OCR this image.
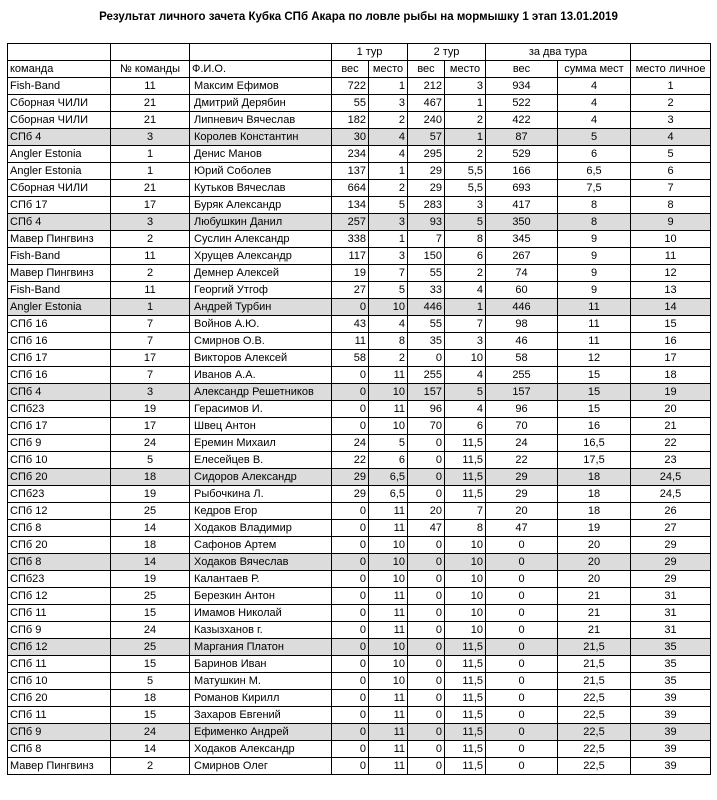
Результат личного зачета Кубка СПб Акара по ловле рыбы на мормышку 1 этап 13.01.2019
			1 тур		2 тур		за два тура		
команда	№ команды	Ф.И.О.	вес	место	вес	место	вес	сумма мест	место личное
Fish-Band	11	Максим Ефимов	722	1	212	3	934	4	1
Сборная ЧИЛИ	21	Дмитрий Дерябин	55	3	467	1	522	4	2
Сборная ЧИЛИ	21	Липневич Вячеслав	182	2	240	2	422	4	3
СПб 4	3	Королев Константин	30	4	57	1	87	5	4
Angler Estonia	1	Денис Манов	234	4	295	2	529	6	5
Angler Estonia	1	Юрий Соболев	137	1	29	5,5	166	6,5	6
Сборная ЧИЛИ	21	Кутьков Вячеслав	664	2	29	5,5	693	7,5	7
СПб 17	17	Буряк Александр	134	5	283	3	417	8	8
СПб 4	3	Любушкин Данил	257	3	93	5	350	8	9
Мавер Пингвинз	2	Суслин Александр	338	1	7	8	345	9	10
Fish-Band	11	Хрущев Александр	117	3	150	6	267	9	11
Мавер Пингвинз	2	Демнер Алексей	19	7	55	2	74	9	12
Fish-Band	11	Георгий Утгоф	27	5	33	4	60	9	13
Angler Estonia	1	Андрей Турбин	0	10	446	1	446	11	14
СПб 16	7	Войнов А.Ю.	43	4	55	7	98	11	15
СПб 16	7	Смирнов О.В.	11	8	35	3	46	11	16
СПб 17	17	Викторов Алексей	58	2	0	10	58	12	17
СПб 16	7	Иванов А.А.	0	11	255	4	255	15	18
СПб 4	3	Александр Решетников	0	10	157	5	157	15	19
СПб23	19	Герасимов И.	0	11	96	4	96	15	20
СПб 17	17	Швец Антон	0	10	70	6	70	16	21
СПб 9	24	Еремин Михаил	24	5	0	11,5	24	16,5	22
СПб 10	5	Елесейцев В.	22	6	0	11,5	22	17,5	23
СПб 20	18	Сидоров Александр	29	6,5	0	11,5	29	18	24,5
СПб23	19	Рыбочкина Л.	29	6,5	0	11,5	29	18	24,5
СПб 12	25	Кедров Егор	0	11	20	7	20	18	26
СПб 8	14	Ходаков Владимир	0	11	47	8	47	19	27
СПб 20	18	Сафонов Артем	0	10	0	10	0	20	29
СПб 8	14	Ходаков Вячеслав	0	10	0	10	0	20	29
СПб23	19	Калантаев Р.	0	10	0	10	0	20	29
СПб 12	25	Березкин Антон	0	11	0	10	0	21	31
СПб 11	15	Имамов Николай	0	11	0	10	0	21	31
СПб 9	24	Казызханов г.	0	11	0	10	0	21	31
СПб 12	25	Маргания Платон	0	10	0	11,5	0	21,5	35
СПб 11	15	Баринов Иван	0	10	0	11,5	0	21,5	35
СПб 10	5	Матушкин М.	0	10	0	11,5	0	21,5	35
СПб 20	18	Романов Кирилл	0	11	0	11,5	0	22,5	39
СПб 11	15	Захаров Евгений	0	11	0	11,5	0	22,5	39
СПб 9	24	Ефименко Андрей	0	11	0	11,5	0	22,5	39
СПб 8	14	Ходаков Александр	0	11	0	11,5	0	22,5	39
Мавер Пингвинз	2	Смирнов Олег	0	11	0	11,5	0	22,5	39
